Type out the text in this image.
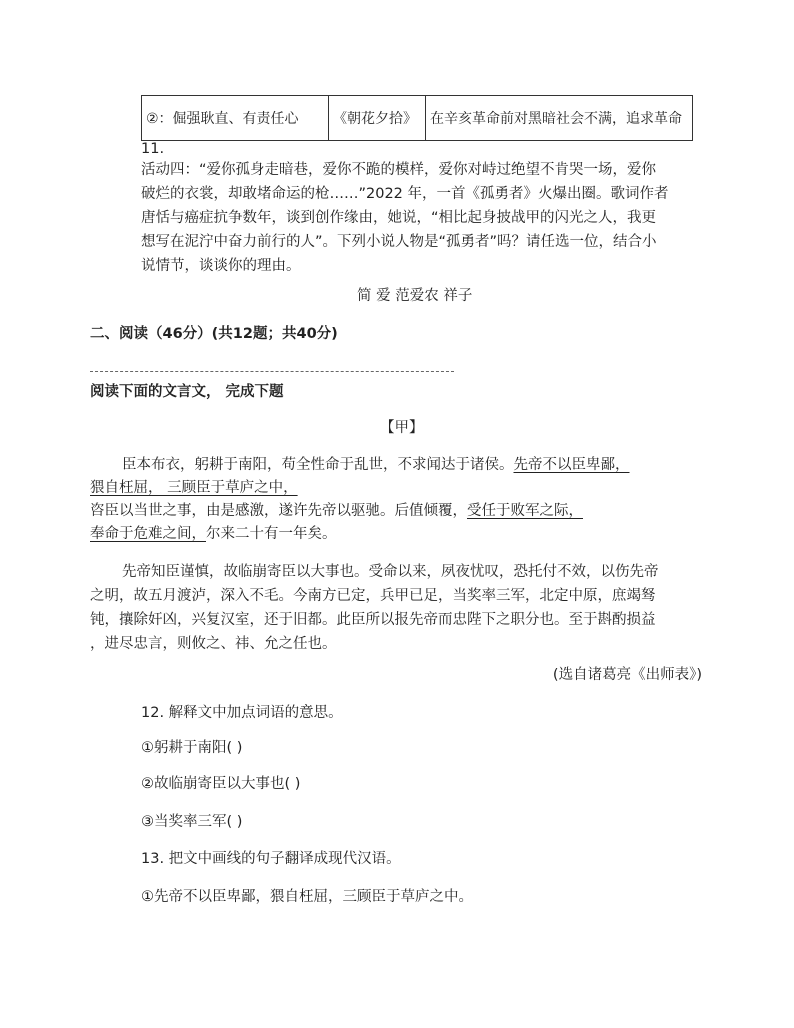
②：倔强耿直、有责任心	《朝花夕拾》	在辛亥革命前对黑暗社会不满，追求革命
11.
活动四：“爱你孤身走暗巷，爱你不跪的模样，爱你对峙过绝望不肯哭一场，爱你
破烂的衣裳，却敢堵命运的枪……”2022 年，一首《孤勇者》火爆出圈。歌词作者
唐恬与癌症抗争数年，谈到创作缘由，她说，“相比起身披战甲的闪光之人，我更
想写在泥泞中奋力前行的人”。下列小说人物是“孤勇者”吗？请任选一位，结合小
说情节，谈谈你的理由。
简 爱 范爱农 祥子
二、阅读（46分）(共12题；共40分)
阅读下面的文言文， 完成下题
【甲】
臣本布衣，躬耕于南阳，苟全性命于乱世，不求闻达于诸侯。先帝不以臣卑鄙，
猥自枉屈， 三顾臣于草庐之中，
咨臣以当世之事，由是感激，遂许先帝以驱驰。后值倾覆，受任于败军之际，
奉命于危难之间，尔来二十有一年矣。
先帝知臣谨慎，故临崩寄臣以大事也。受命以来，夙夜忧叹，恐托付不效，以伤先帝
之明，故五月渡泸，深入不毛。今南方已定，兵甲已足，当奖率三军，北定中原，庶竭驽
钝，攘除奸凶，兴复汉室，还于旧都。此臣所以报先帝而忠陛下之职分也。至于斟酌损益
，进尽忠言，则攸之、祎、允之任也。
(选自诸葛亮《出师表》)
12. 解释文中加点词语的意思。
①躬耕于南阳( )
②故临崩寄臣以大事也( )
③当奖率三军( )
13. 把文中画线的句子翻译成现代汉语。
①先帝不以臣卑鄙，猥自枉屈，三顾臣于草庐之中。
